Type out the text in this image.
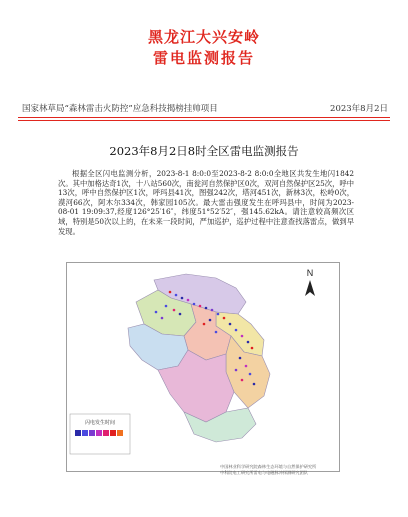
黑龙江大兴安岭
雷电监测报告
国家林草局“森林雷击火防控”应急科技揭榜挂帅项目	2023年8月2日
2023年8月2日8时全区雷电监测报告
根据全区闪电监测分析，2023-8-1 8:0:0至2023-8-2 8:0:0全地区共发生地闪1842次。其中加格达奇1次，十八站560次，南瓮河自然保护区0次，双河自然保护区25次，呼中13次，呼中自然保护区1次，呼玛县41次，图强242次，塔河451次，新林3次，松岭0次，漠河66次，阿木尔334次，韩家园105次。最大雷击强度发生在呼玛县中，时间为2023-08-01 19:09:37,经度126°25′16″，纬度51°52′52″，强145.62kA。请注意较高频次区域，特别是50次以上的，在未来一段时间，严加巡护，巡护过程中注意查找落雷点，做到早发现。
N
闪电发生时间
中国林业科学研究院森林生态环境与自然保护研究所
中科院电工研究所雷电与电磁脉冲探测研究团队
